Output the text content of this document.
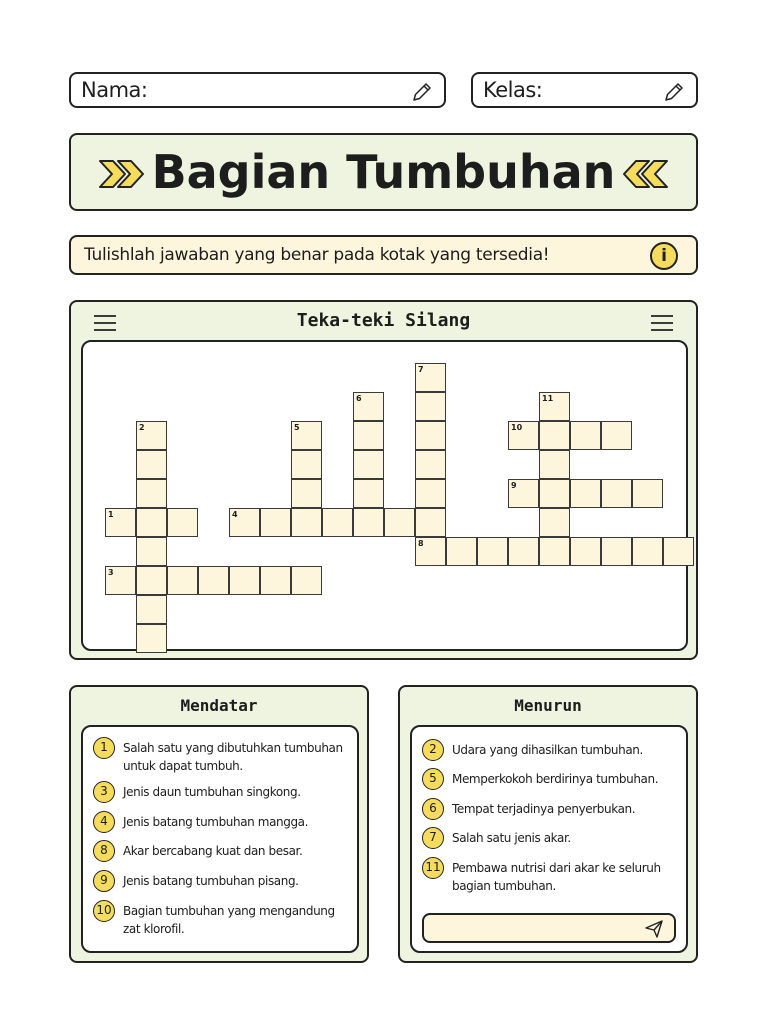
Nama:	Kelas:
Bagian Tumbuhan
Tulishlah jawaban yang benar pada kotak yang tersedia!	i
Teka-teki Silang
1
2
3
4
5
6
7
8
9
10
11
Mendatar
1	Salah satu yang dibutuhkan tumbuhan untuk dapat tumbuh.
3	Jenis daun tumbuhan singkong.
4	Jenis batang tumbuhan mangga.
8	Akar bercabang kuat dan besar.
9	Jenis batang tumbuhan pisang.
10 Bagian tumbuhan yang mengandung zat klorofil.
Menurun
2	Udara yang dihasilkan tumbuhan.
5	Memperkokoh berdirinya tumbuhan.
6	Tempat terjadinya penyerbukan.
7	Salah satu jenis akar.
11 Pembawa nutrisi dari akar ke seluruh bagian tumbuhan.
